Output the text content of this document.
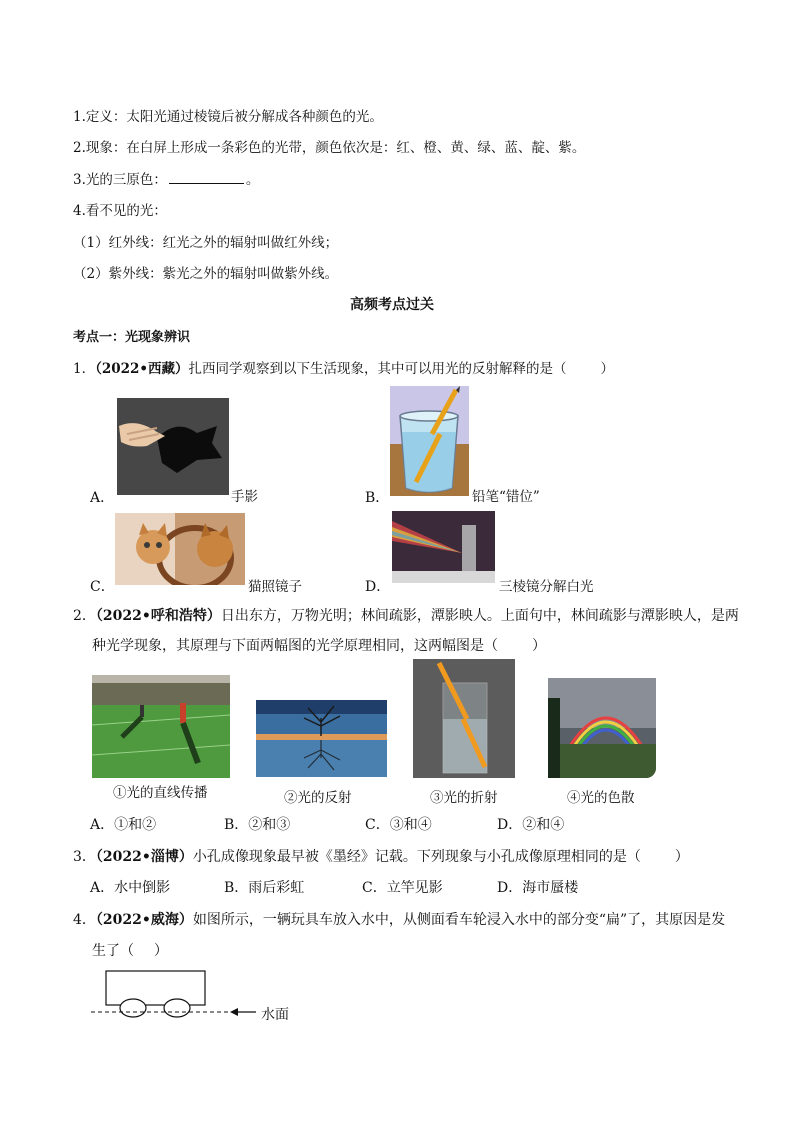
1.定义：太阳光通过棱镜后被分解成各种颜色的光。
2.现象：在白屏上形成一条彩色的光带，颜色依次是：红、橙、黄、绿、蓝、靛、紫。
3.光的三原色：	。
4.看不见的光：
（1）红外线：红光之外的辐射叫做红外线；
（2）紫外线：紫光之外的辐射叫做紫外线。
高频考点过关
考点一：光现象辨识
1．（2022•西藏）扎西同学观察到以下生活现象，其中可以用光的反射解释的是（	）
A．	手影	B．	铅笔“错位”
C．	猫照镜子	D．	三棱镜分解白光
2．（2022•呼和浩特）日出东方，万物光明；林间疏影，潭影映人。上面句中，林间疏影与潭影映人，是两
种光学现象，其原理与下面两幅图的光学原理相同，这两幅图是（ ）
①光的直线传播	②光的反射	③光的折射	④光的色散
A．①和②	B．②和③	C．③和④	D．②和④
3．（2022•淄博）小孔成像现象最早被《墨经》记载。下列现象与小孔成像原理相同的是（ ）
A．水中倒影	B．雨后彩虹	C．立竿见影	D．海市蜃楼
4．（2022•威海）如图所示，一辆玩具车放入水中，从侧面看车轮浸入水中的部分变“扁”了，其原因是发
生了（ ）
水面
